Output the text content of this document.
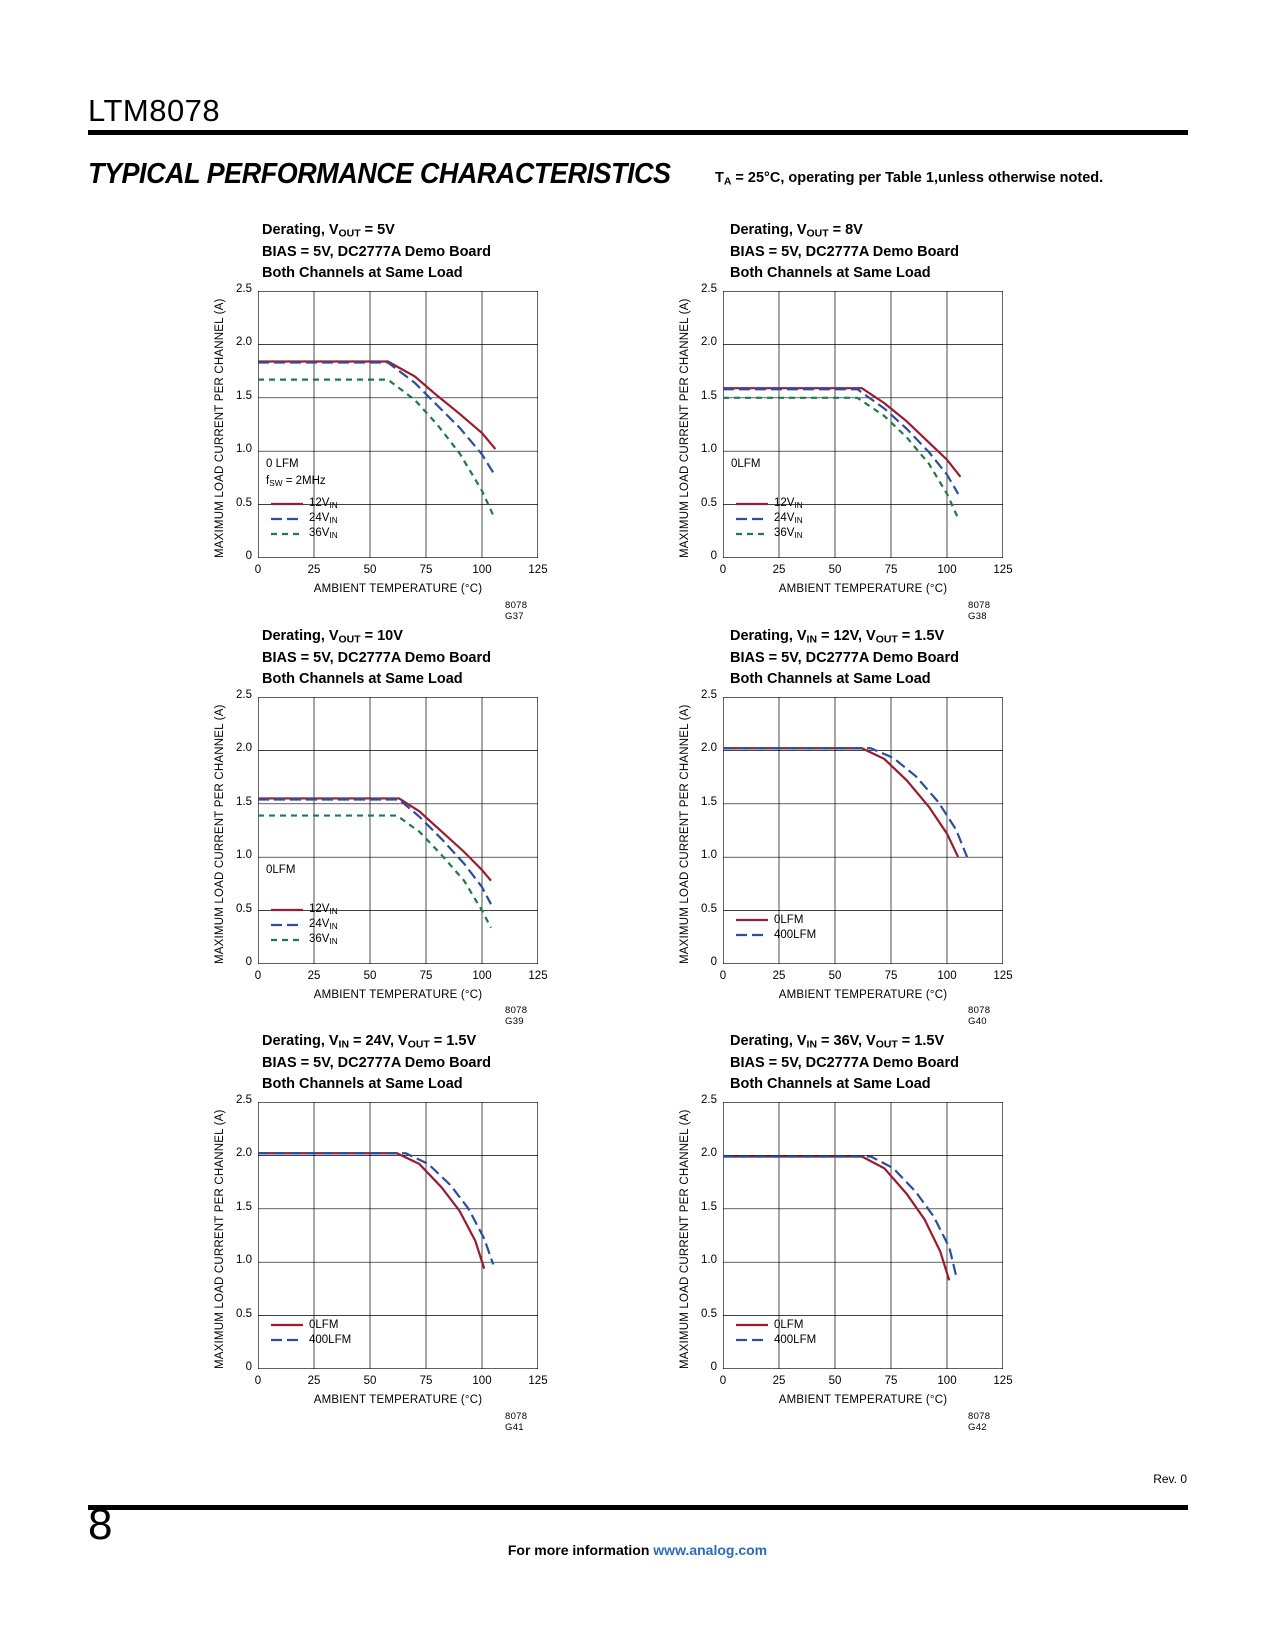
LTM8078
TYPICAL PERFORMANCE CHARACTERISTICS	$T_A = 25^\circ C$, operating per Table 1,unless otherwise noted.
Derating, $V_{OUT} = 5V$
BIAS = 5V, DC2777A Demo Board
Both Channels at Same Load
0
0.5
1.0
1.5
2.0
2.5
0	25	50	75	100	125
MAXIMUM LOAD CURRENT PER CHANNEL (A)
AMBIENT TEMPERATURE (°C)
8078 G37
0 LFM
$f_{SW} = 2MHz$
$12V_{IN}$
$24V_{IN}$
$36V_{IN}$
Derating, $V_{OUT} = 8V$
BIAS = 5V, DC2777A Demo Board
Both Channels at Same Load
0
0.5
1.0
1.5
2.0
2.5
0	25	50	75	100	125
MAXIMUM LOAD CURRENT PER CHANNEL (A)
AMBIENT TEMPERATURE (°C)
8078 G38
0LFM
$12V_{IN}$
$24V_{IN}$
$36V_{IN}$
Derating, $V_{OUT} = 10V$
BIAS = 5V, DC2777A Demo Board
Both Channels at Same Load
0
0.5
1.0
1.5
2.0
2.5
0	25	50	75	100	125
MAXIMUM LOAD CURRENT PER CHANNEL (A)
AMBIENT TEMPERATURE (°C)
8078 G39
0LFM
$12V_{IN}$
$24V_{IN}$
$36V_{IN}$
Derating, $V_{IN} = 12V$, $V_{OUT} = 1.5V$
BIAS = 5V, DC2777A Demo Board
Both Channels at Same Load
0
0.5
1.0
1.5
2.0
2.5
0	25	50	75	100	125
MAXIMUM LOAD CURRENT PER CHANNEL (A)
AMBIENT TEMPERATURE (°C)
8078 G40
0LFM
400LFM
Derating, $V_{IN} = 24V$, $V_{OUT} = 1.5V$
BIAS = 5V, DC2777A Demo Board
Both Channels at Same Load
0
0.5
1.0
1.5
2.0
2.5
0	25	50	75	100	125
MAXIMUM LOAD CURRENT PER CHANNEL (A)
AMBIENT TEMPERATURE (°C)
8078 G41
0LFM
400LFM
Derating, $V_{IN} = 36V$, $V_{OUT} = 1.5V$
BIAS = 5V, DC2777A Demo Board
Both Channels at Same Load
0
0.5
1.0
1.5
2.0
2.5
0	25	50	75	100	125
MAXIMUM LOAD CURRENT PER CHANNEL (A)
AMBIENT TEMPERATURE (°C)
8078 G42
0LFM
400LFM
Rev. 0
8
For more information www.analog.com
